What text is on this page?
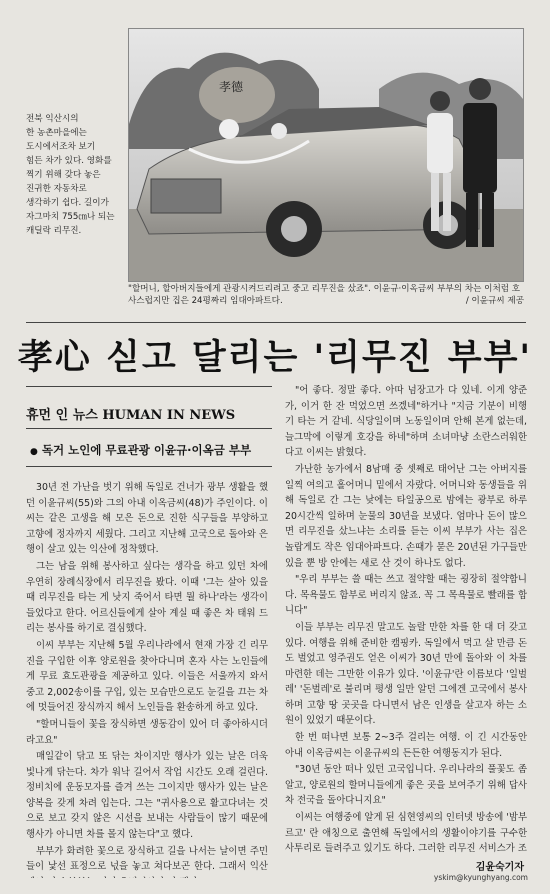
孝德
전북 익산시의
한 농촌마을에는
도시에서조차 보기
힘든 차가 있다. 영화를
찍기 위해 갖다 놓은
진귀한 자동차로
생각하기 쉽다. 길이가
자그마치 755㎝나 되는
캐딜락 리무진.
"할머니, 할아버지들에게 관광시켜드리려고 중고 리무진을 샀죠". 이윤규·이옥금씨 부부의 차는 이처럼 호사스럽지만 집은 24평짜리 임대아파트다.	/ 이윤규씨 제공
孝心 싣고 달리는 '리무진 부부'
휴먼 인 뉴스 HUMAN IN NEWS
● 독거 노인에 무료관광 이윤규·이옥금 부부

30년 전 가난을 벗기 위해 독일로 건너가 광부 생활을 했던 이윤규씨(55)와 그의 아내 이옥금씨(48)가 주인이다. 이씨는 같은 고생을 해 모은 돈으로 진한 식구들을 부양하고 고향에 정자까지 세웠다. 그리고 지난해 고국으로 돌아와 은행이 살고 있는 익산에 정착했다.

그는 남을 위해 봉사하고 싶다는 생각을 하고 있던 차에 우연히 장례식장에서 리무진을 봤다. 이때 '그는 살아 있을 때 리무진을 타는 게 낫지 죽어서 타면 뭘 하나'라는 생각이 들었다고 한다. 어르신들에게 살아 계실 때 좋은 차 태워 드리는 봉사를 하기로 결심했다.

이씨 부부는 지난해 5월 우리나라에서 현재 가장 긴 리무진을 구입한 이후 양로원을 찾아다니며 혼자 사는 노인들에게 무료 효도관광을 제공하고 있다. 이들은 서울까지 와서 중고 2,002송이를 구입, 있는 모습만으로도 눈길을 끄는 차에 멋들어진 장식까지 해서 노인들을 환송하게 하고 있다.

"할머니들이 꽃을 장식하면 생동감이 있어 더 좋아하시더라고요"

매일같이 닦고 또 닦는 차이지만 행사가 있는 날은 더욱 빛나게 닦는다. 차가 워낙 길어서 작업 시간도 오래 걸린다. 정비치에 운동모자를 즐겨 쓰는 그이지만 행사가 있는 날은 양복을 갖게 차려 입는다. 그는 "귀사용으로 활고다녀는 것으로 보고 갖지 않은 시선을 보내는 사람들이 많기 때문에 행사가 아니면 차를 몰지 않는다"고 했다.

부부가 화려한 꽃으로 장식하고 길을 나서는 날이면 주민들이 낯선 표정으로 넋을 놓고 쳐다보곤 한다. 그래서 익산

"어 좋다. 정말 좋다. 아따 넘장고가 다 있네. 이게 양준가, 이거 한 잔 먹었으면 쓰겠네"하거나 "지금 기분이 비행기 타는 거 같네. 식당일이며 노동일이며 안해 본게 없는데, 늘그막에 이렇게 호강을 하네"하며 소녀마냥 소란스러워한다고 이씨는 밝혔다.

가난한 농가에서 8남매 중 셋째로 태어난 그는 아버지를 일찍 여의고 홀어머니 밑에서 자랐다. 어머니와 동생들을 위해 독일로 간 그는 낮에는 타일공으로 밤에는 광부로 하루 20시간씩 일하며 눈물의 30년을 보냈다. 엄마나 돈이 많으면 리무진을 샀느냐는 소리를 듣는 이씨 부부가 사는 집은 놀랍게도 작은 임대아파트다. 손때가 묻은 20년된 가구들만 있을 뿐 방 안에는 새로 산 것이 하나도 없다.

"우리 부부는 쓸 때는 쓰고 절약할 때는 굉장히 절약합니다. 목욕물도 함부로 버리지 않죠. 꼭 그 목욕물로 빨래를 합니다"

이들 부부는 리무진 말고도 놀랄 만한 차를 한 대 더 갖고 있다. 여행을 위해 준비한 캠핑카. 독일에서 먹고 살 만큼 돈도 벌었고 영주권도 얻은 이씨가 30년 만에 돌아와 이 차를 마련한 데는 그만한 이유가 있다. '이윤규'란 이름보다 '일벌레' '돈벌레'로 불리며 평생 일만 알던 그에겐 고국에서 봉사하며 고향 땅 곳곳을 다니면서 남은 인생을 살고자 하는 소원이 있었기 때문이다.

한 번 떠나면 보통 2~3주 걸리는 여행. 이 긴 시간동안 아내 이옥금씨는 이윤규씨의 든든한 여행동지가 된다.

"30년 동안 떠나 있던 고국입니다. 우리나라의 풀꽃도 좀 알고, 양로원의 할머니들에게 좋은 곳을 보여주기 위해 답사차 전국을 돌아다니지요"

이씨는 여행중에 알게 된 심현영씨의 인터넷 방송에 '밤부르고' 란 애칭으로 출연해 독일에서의 생활이야기를 구수한 사투리로 들려주고 있기도 하다. 그러한 리무진 서비스가 조

김윤숙기자 yskim@kyunghyang.com
